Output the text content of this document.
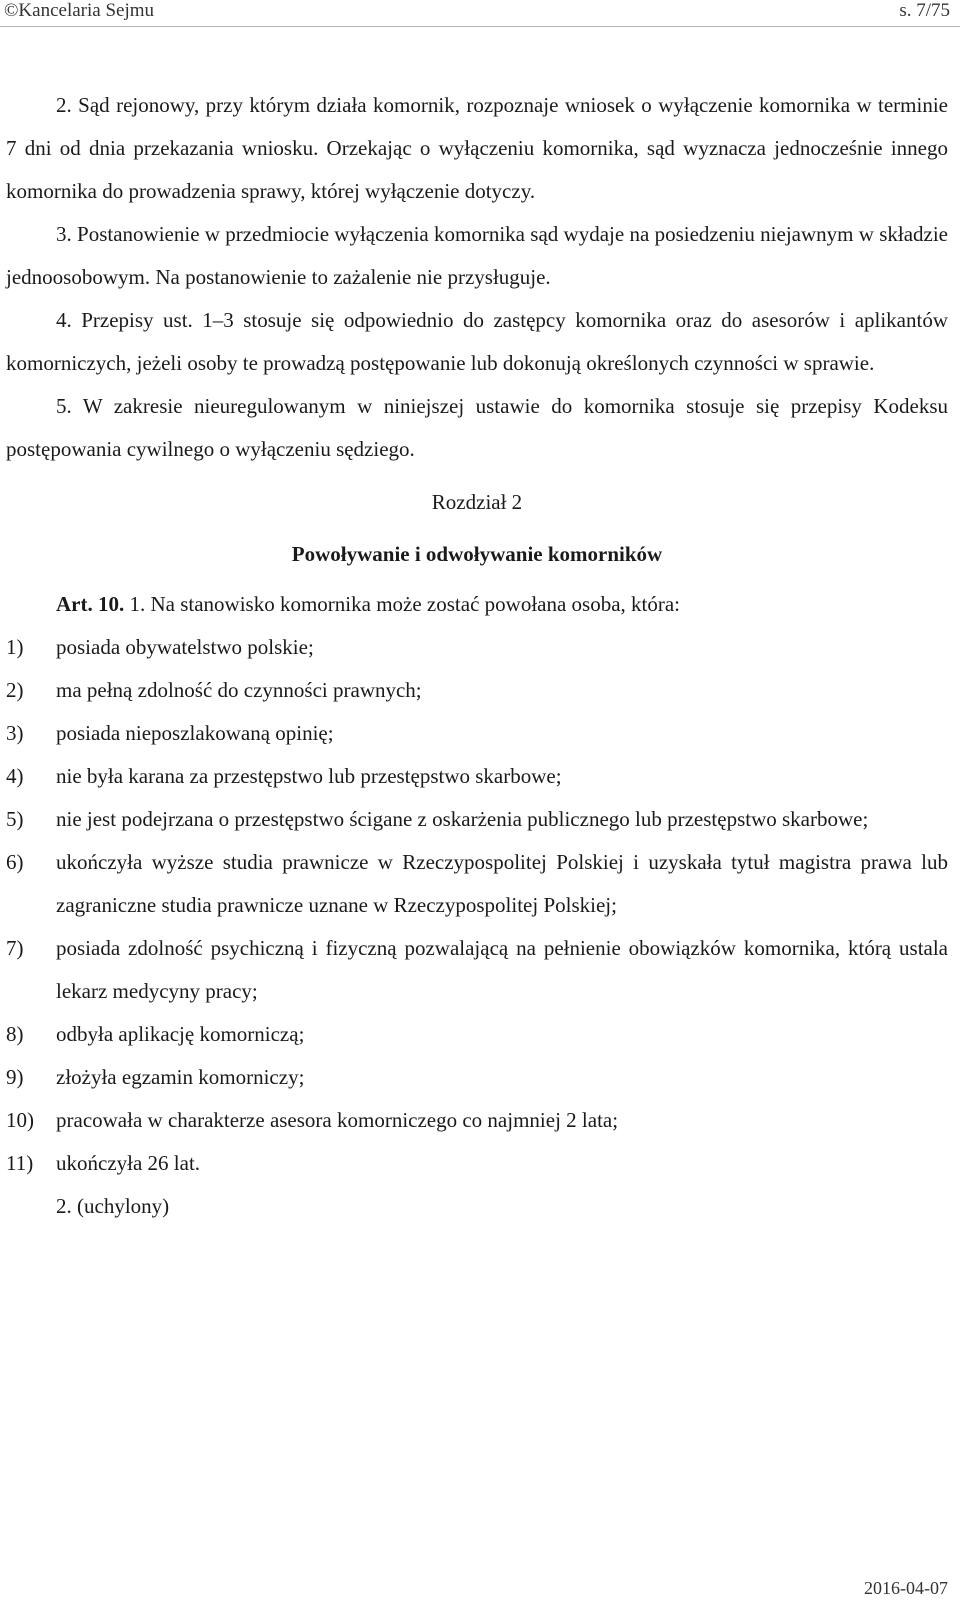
©Kancelaria Sejmu	s. 7/75

2. Sąd rejonowy, przy którym działa komornik, rozpoznaje wniosek o wyłączenie komornika w terminie 7 dni od dnia przekazania wniosku. Orzekając o wyłączeniu komornika, sąd wyznacza jednocześnie innego komornika do prowadzenia sprawy, której wyłączenie dotyczy.

3. Postanowienie w przedmiocie wyłączenia komornika sąd wydaje na posiedzeniu niejawnym w składzie jednoosobowym. Na postanowienie to zażalenie nie przysługuje.

4. Przepisy ust. 1–3 stosuje się odpowiednio do zastępcy komornika oraz do asesorów i aplikantów komorniczych, jeżeli osoby te prowadzą postępowanie lub dokonują określonych czynności w sprawie.

5. W zakresie nieuregulowanym w niniejszej ustawie do komornika stosuje się przepisy Kodeksu postępowania cywilnego o wyłączeniu sędziego.

Rozdział 2

Powoływanie i odwoływanie komorników

Art. 10. 1. Na stanowisko komornika może zostać powołana osoba, która:

1)	posiada obywatelstwo polskie;
2)	ma pełną zdolność do czynności prawnych;
3)	posiada nieposzlakowaną opinię;
4)	nie była karana za przestępstwo lub przestępstwo skarbowe;
5)	nie jest podejrzana o przestępstwo ścigane z oskarżenia publicznego lub przestępstwo skarbowe;
6)	ukończyła wyższe studia prawnicze w Rzeczypospolitej Polskiej i uzyskała tytuł magistra prawa lub zagraniczne studia prawnicze uznane w Rzeczypospolitej Polskiej;
7)	posiada zdolność psychiczną i fizyczną pozwalającą na pełnienie obowiązków komornika, którą ustala lekarz medycyny pracy;
8)	odbyła aplikację komorniczą;
9)	złożyła egzamin komorniczy;
10)	pracowała w charakterze asesora komorniczego co najmniej 2 lata;
11)	ukończyła 26 lat.

2. (uchylony)

2016-04-07
